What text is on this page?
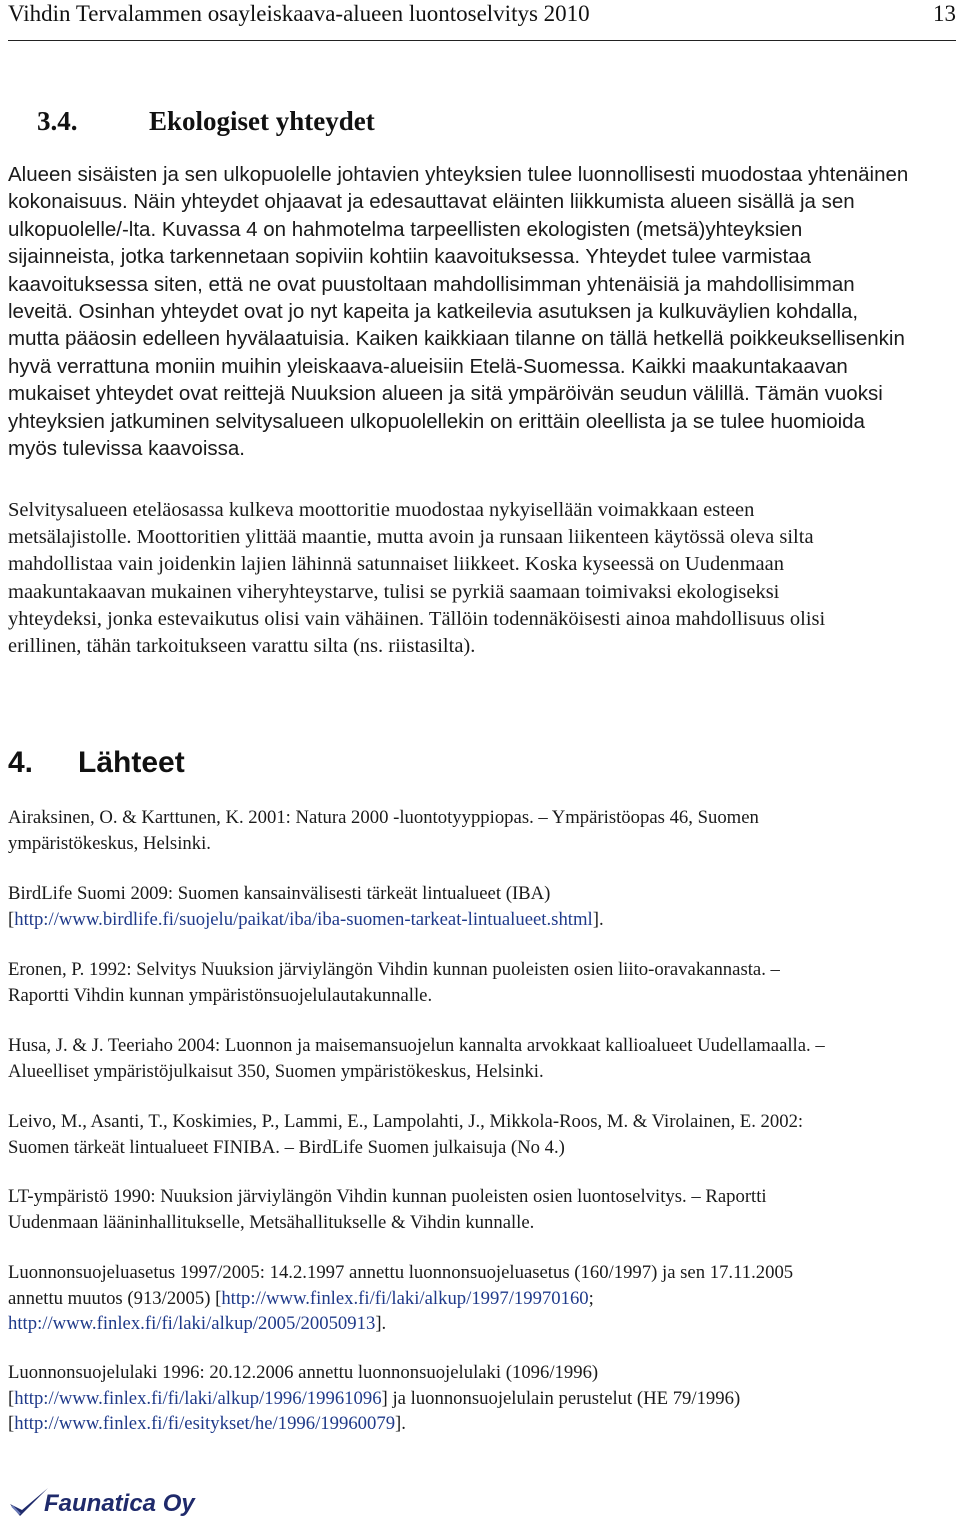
Vihdin Tervalammen osayleiskaava-alueen luontoselvitys 2010	13
3.4.	Ekologiset yhteydet
Alueen sisäisten ja sen ulkopuolelle johtavien yhteyksien tulee luonnollisesti muodostaa yhtenäinen
kokonaisuus. Näin yhteydet ohjaavat ja edesauttavat eläinten liikkumista alueen sisällä ja sen
ulkopuolelle/-lta. Kuvassa 4 on hahmotelma tarpeellisten ekologisten (metsä)yhteyksien
sijainneista, jotka tarkennetaan sopiviin kohtiin kaavoituksessa. Yhteydet tulee varmistaa
kaavoituksessa siten, että ne ovat puustoltaan mahdollisimman yhtenäisiä ja mahdollisimman
leveitä. Osinhan yhteydet ovat jo nyt kapeita ja katkeilevia asutuksen ja kulkuväylien kohdalla,
mutta pääosin edelleen hyvälaatuisia. Kaiken kaikkiaan tilanne on tällä hetkellä poikkeuksellisenkin
hyvä verrattuna moniin muihin yleiskaava-alueisiin Etelä-Suomessa. Kaikki maakuntakaavan
mukaiset yhteydet ovat reittejä Nuuksion alueen ja sitä ympäröivän seudun välillä. Tämän vuoksi
yhteyksien jatkuminen selvitysalueen ulkopuolellekin on erittäin oleellista ja se tulee huomioida
myös tulevissa kaavoissa.
Selvitysalueen eteläosassa kulkeva moottoritie muodostaa nykyisellään voimakkaan esteen
metsälajistolle. Moottoritien ylittää maantie, mutta avoin ja runsaan liikenteen käytössä oleva silta
mahdollistaa vain joidenkin lajien lähinnä satunnaiset liikkeet. Koska kyseessä on Uudenmaan
maakuntakaavan mukainen viheryhteystarve, tulisi se pyrkiä saamaan toimivaksi ekologiseksi
yhteydeksi, jonka estevaikutus olisi vain vähäinen. Tällöin todennäköisesti ainoa mahdollisuus olisi
erillinen, tähän tarkoitukseen varattu silta (ns. riistasilta).
4. Lähteet
Airaksinen, O. & Karttunen, K. 2001: Natura 2000 -luontotyyppiopas. – Ympäristöopas 46, Suomen
ympäristökeskus, Helsinki.
BirdLife Suomi 2009: Suomen kansainvälisesti tärkeät lintualueet (IBA)
[http://www.birdlife.fi/suojelu/paikat/iba/iba-suomen-tarkeat-lintualueet.shtml].
Eronen, P. 1992: Selvitys Nuuksion järviylängön Vihdin kunnan puoleisten osien liito-oravakannasta. –
Raportti Vihdin kunnan ympäristönsuojelulautakunnalle.
Husa, J. & J. Teeriaho 2004: Luonnon ja maisemansuojelun kannalta arvokkaat kallioalueet Uudellamaalla. –
Alueelliset ympäristöjulkaisut 350, Suomen ympäristökeskus, Helsinki.
Leivo, M., Asanti, T., Koskimies, P., Lammi, E., Lampolahti, J., Mikkola-Roos, M. & Virolainen, E. 2002:
Suomen tärkeät lintualueet FINIBA. – BirdLife Suomen julkaisuja (No 4.)
LT-ympäristö 1990: Nuuksion järviylängön Vihdin kunnan puoleisten osien luontoselvitys. – Raportti
Uudenmaan lääninhallitukselle, Metsähallitukselle & Vihdin kunnalle.
Luonnonsuojeluasetus 1997/2005: 14.2.1997 annettu luonnonsuojeluasetus (160/1997) ja sen 17.11.2005
annettu muutos (913/2005) [http://www.finlex.fi/fi/laki/alkup/1997/19970160;
http://www.finlex.fi/fi/laki/alkup/2005/20050913].
Luonnonsuojelulaki 1996: 20.12.2006 annettu luonnonsuojelulaki (1096/1996)
[http://www.finlex.fi/fi/laki/alkup/1996/19961096] ja luonnonsuojelulain perustelut (HE 79/1996)
[http://www.finlex.fi/fi/esitykset/he/1996/19960079].
Faunatica Oy
